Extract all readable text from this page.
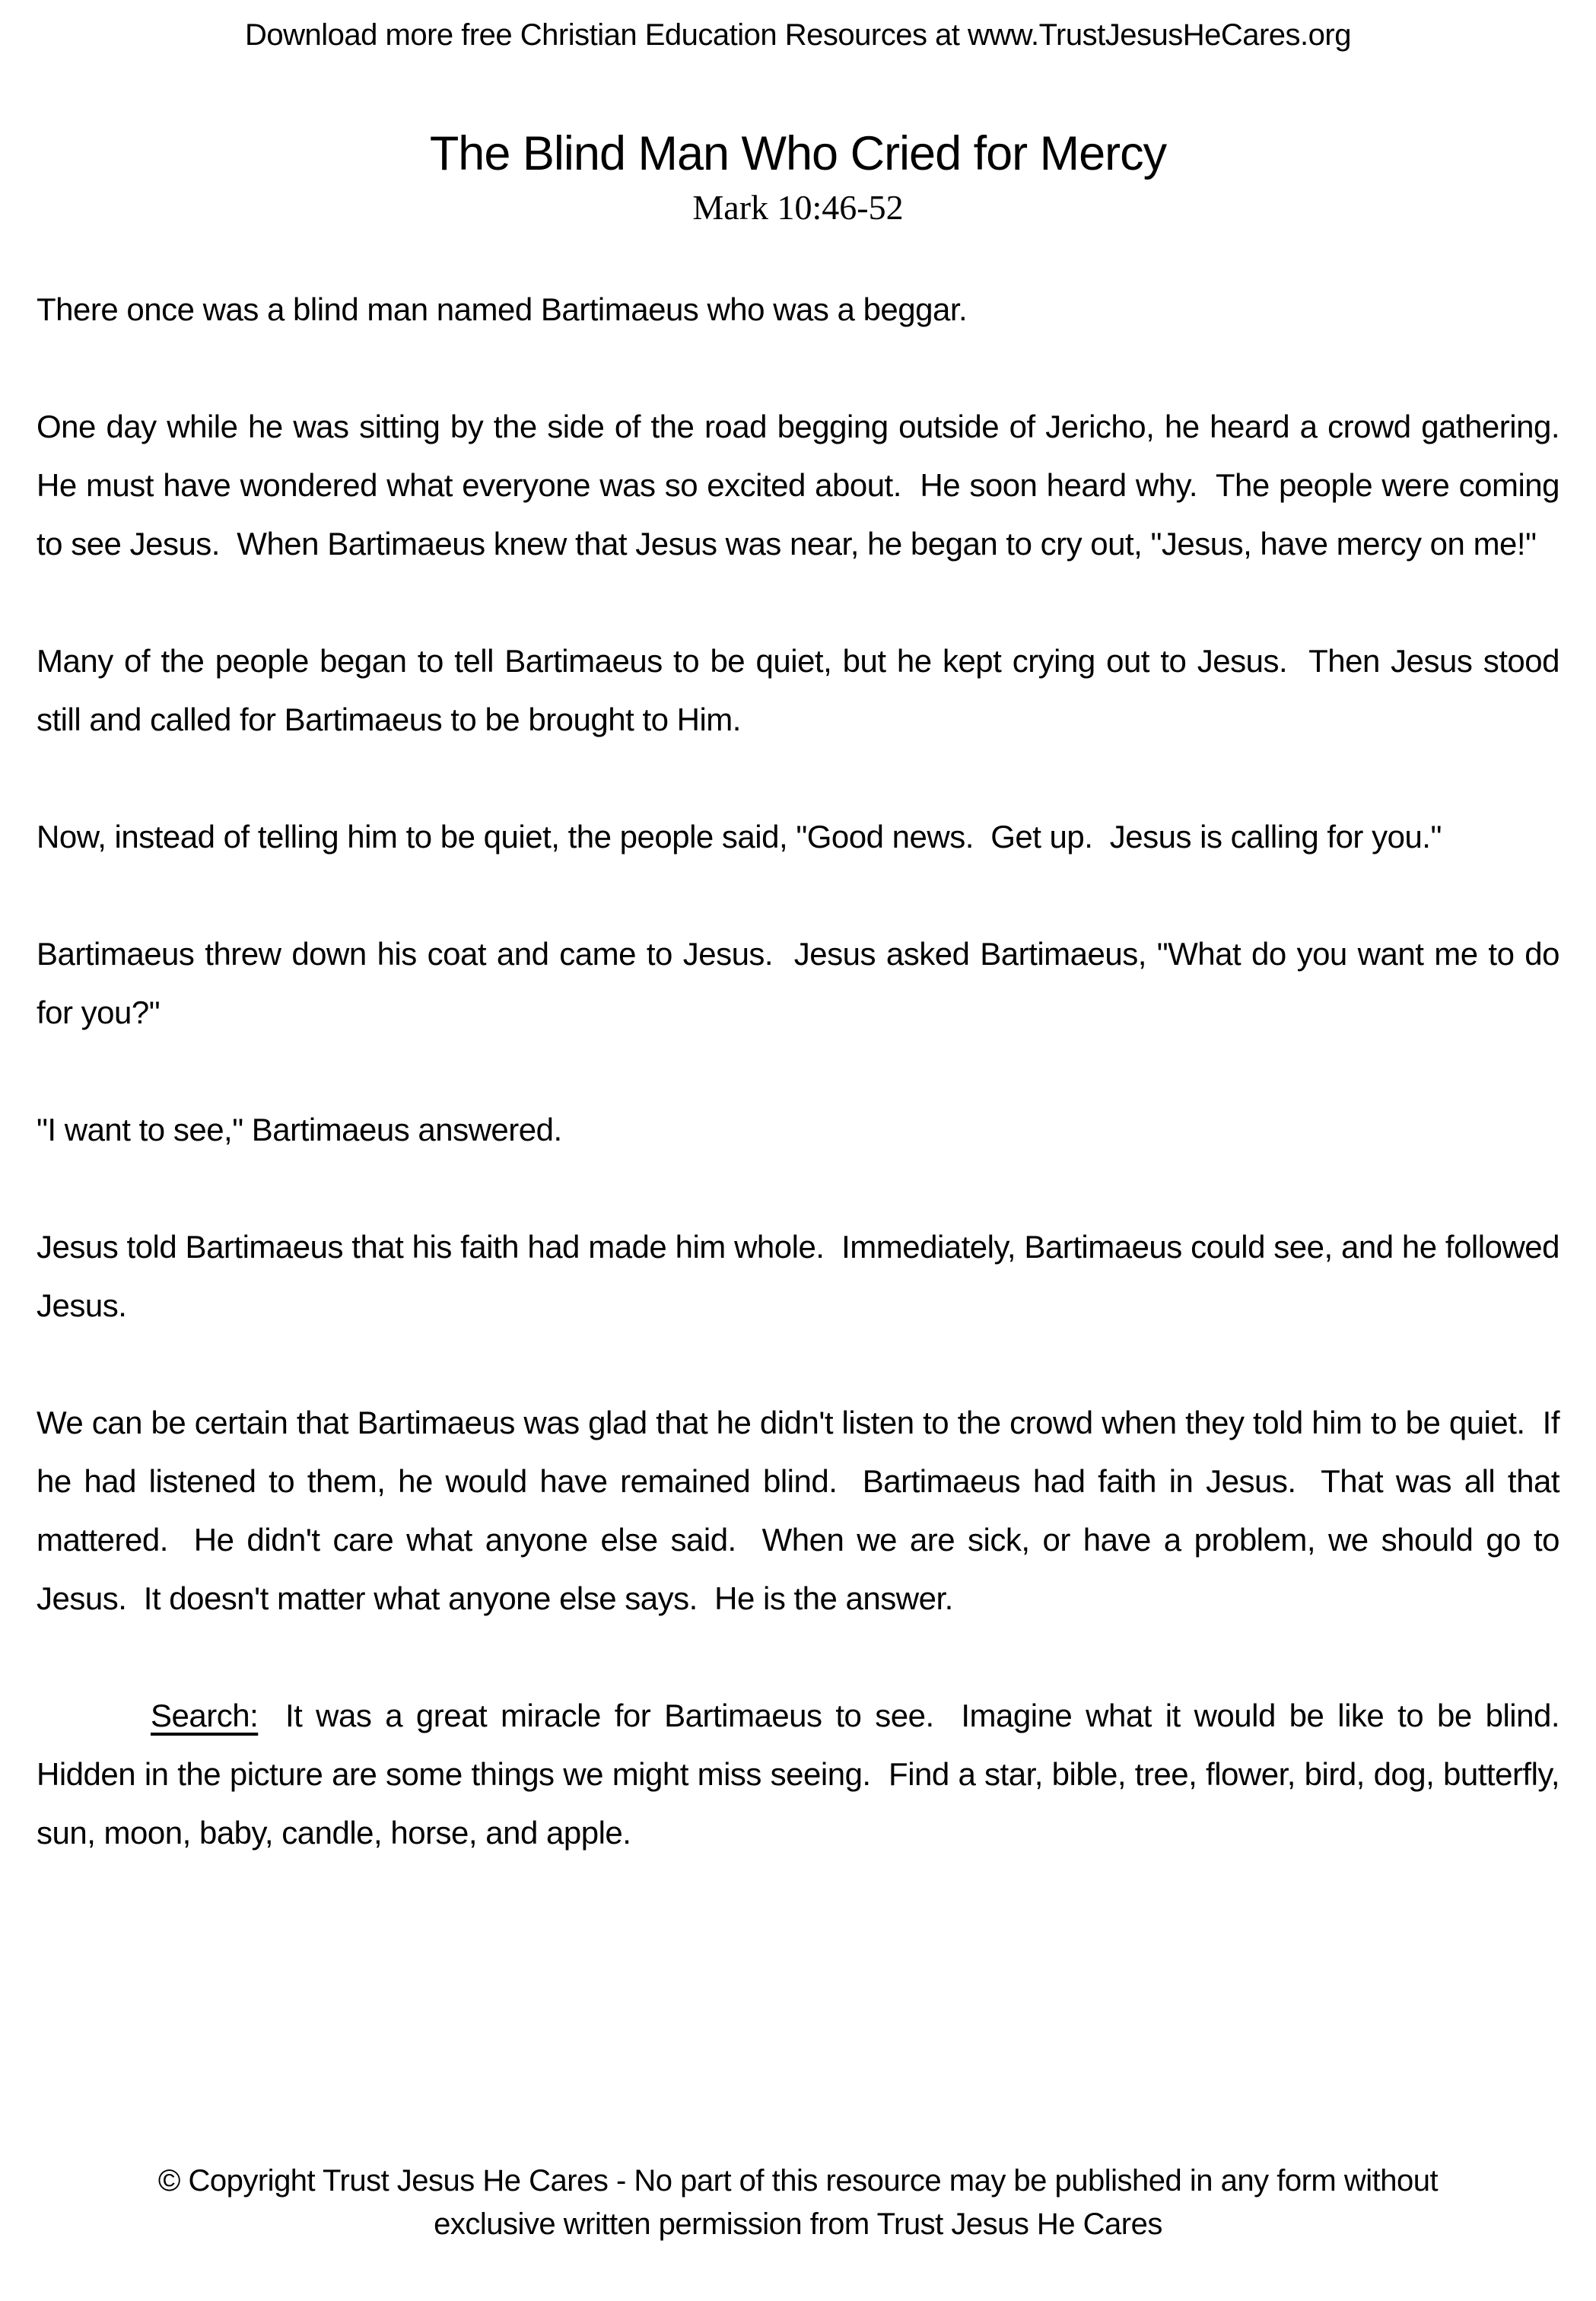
Download more free Christian Education Resources at www.TrustJesusHeCares.org
The Blind Man Who Cried for Mercy
Mark 10:46-52

There once was a blind man named Bartimaeus who was a beggar.

One day while he was sitting by the side of the road begging outside of Jericho, he heard a crowd gathering.  He must have wondered what everyone was so excited about.  He soon heard why.  The people were coming to see Jesus.  When Bartimaeus knew that Jesus was near, he began to cry out, "Jesus, have mercy on me!"

Many of the people began to tell Bartimaeus to be quiet, but he kept crying out to Jesus.  Then Jesus stood still and called for Bartimaeus to be brought to Him.

Now, instead of telling him to be quiet, the people said, "Good news.  Get up.  Jesus is calling for you."

Bartimaeus threw down his coat and came to Jesus.  Jesus asked Bartimaeus, "What do you want me to do for you?"

"I want to see," Bartimaeus answered.

Jesus told Bartimaeus that his faith had made him whole.  Immediately, Bartimaeus could see, and he followed Jesus.

We can be certain that Bartimaeus was glad that he didn't listen to the crowd when they told him to be quiet.  If he had listened to them, he would have remained blind.  Bartimaeus had faith in Jesus.  That was all that mattered.  He didn't care what anyone else said.  When we are sick, or have a problem, we should go to Jesus.  It doesn't matter what anyone else says.  He is the answer.

Search:  It was a great miracle for Bartimaeus to see.  Imagine what it would be like to be blind.  Hidden in the picture are some things we might miss seeing.  Find a star, bible, tree, flower, bird, dog, butterfly, sun, moon, baby, candle, horse, and apple.

© Copyright Trust Jesus He Cares - No part of this resource may be published in any form without
exclusive written permission from Trust Jesus He Cares
